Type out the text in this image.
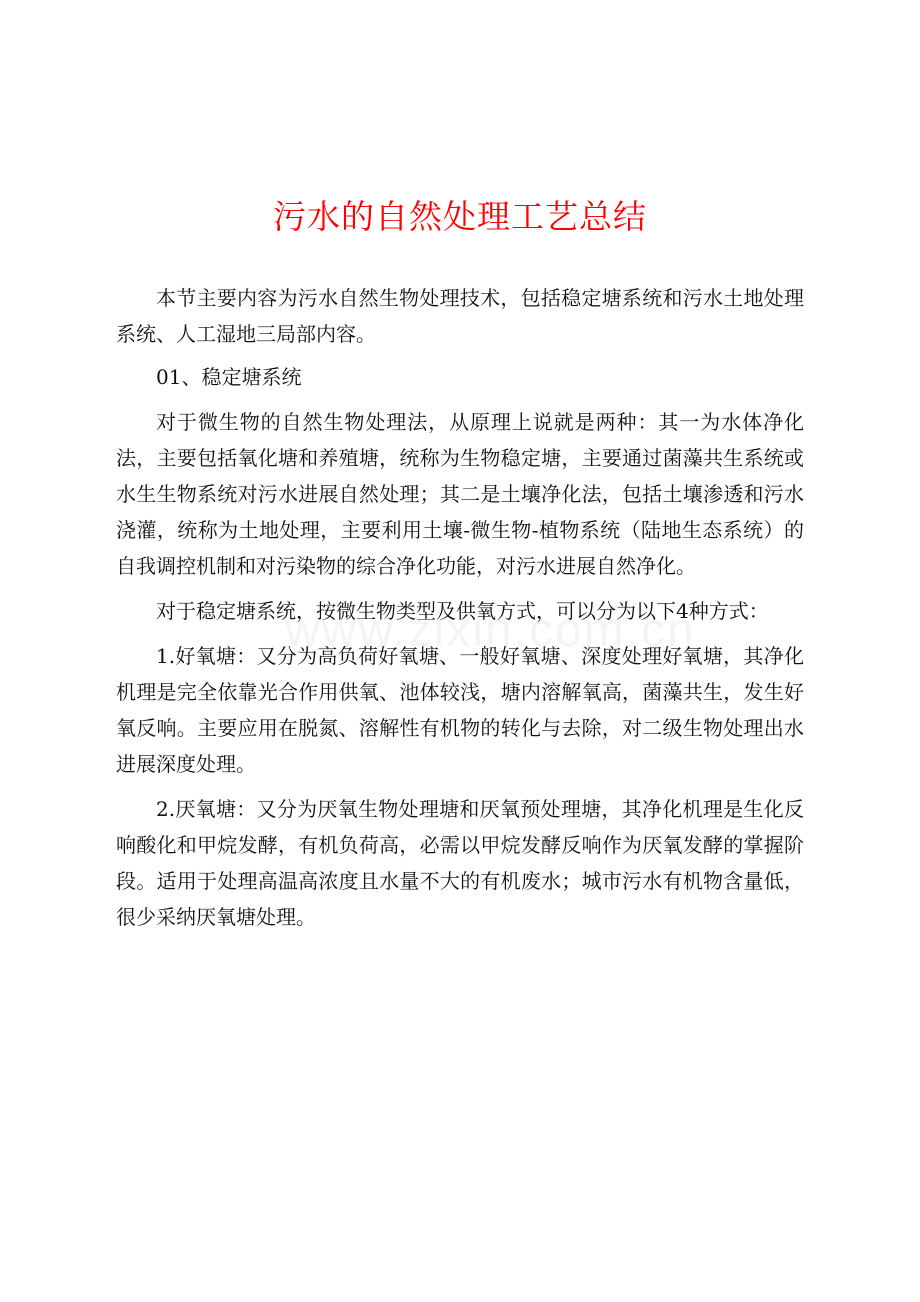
污水的自然处理工艺总结

本节主要内容为污水自然生物处理技术，包括稳定塘系统和污水土地处理系统、人工湿地三局部内容。

01、稳定塘系统

对于微生物的自然生物处理法，从原理上说就是两种：其一为水体净化法，主要包括氧化塘和养殖塘，统称为生物稳定塘，主要通过菌藻共生系统或水生生物系统对污水进展自然处理；其二是土壤净化法，包括土壤渗透和污水浇灌，统称为土地处理，主要利用土壤-微生物-植物系统（陆地生态系统）的自我调控机制和对污染物的综合净化功能，对污水进展自然净化。

对于稳定塘系统，按微生物类型及供氧方式，可以分为以下4种方式：

1.好氧塘：又分为高负荷好氧塘、一般好氧塘、深度处理好氧塘，其净化机理是完全依靠光合作用供氧、池体较浅，塘内溶解氧高，菌藻共生，发生好氧反响。主要应用在脱氮、溶解性有机物的转化与去除，对二级生物处理出水进展深度处理。

2.厌氧塘：又分为厌氧生物处理塘和厌氧预处理塘，其净化机理是生化反响酸化和甲烷发酵，有机负荷高，必需以甲烷发酵反响作为厌氧发酵的掌握阶段。适用于处理高温高浓度且水量不大的有机废水；城市污水有机物含量低，很少采纳厌氧塘处理。
